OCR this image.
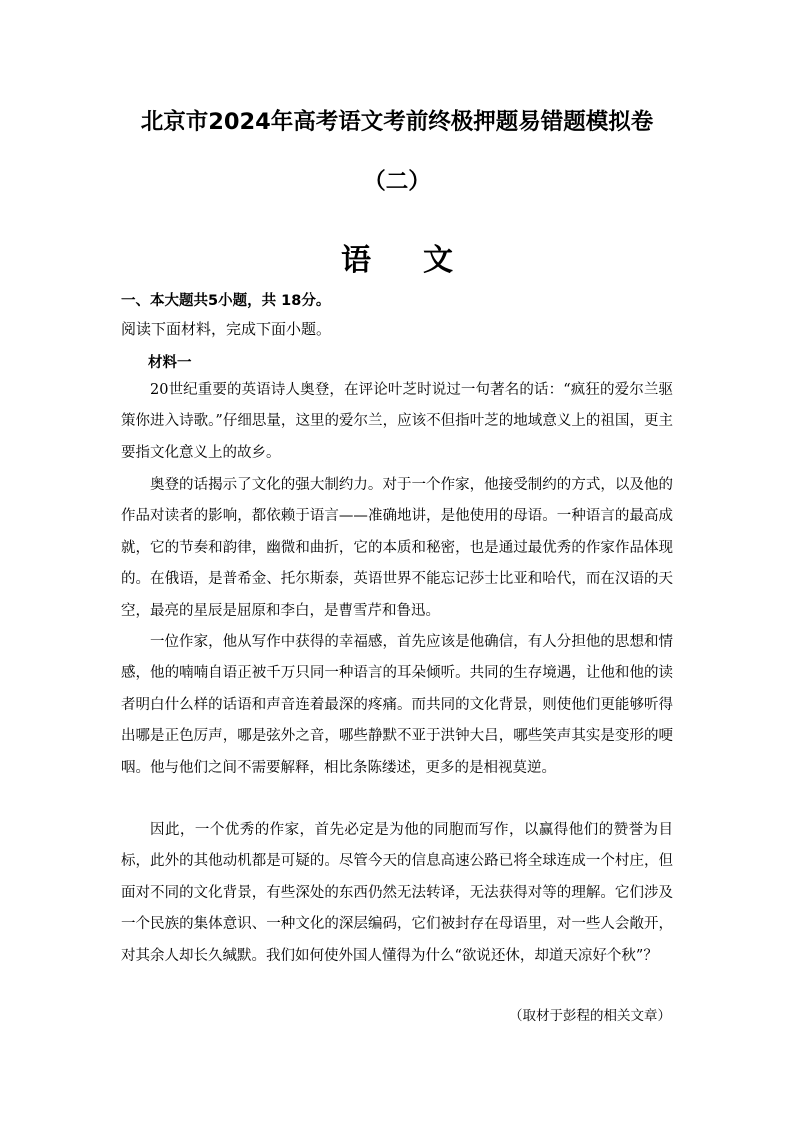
北京市2024年高考语文考前终极押题易错题模拟卷
（二）
语 文
一、本大题共5小题，共 18分。
阅读下面材料，完成下面小题。
材料一

20世纪重要的英语诗人奥登，在评论叶芝时说过一句著名的话：“疯狂的爱尔兰驱策你进入诗歌。”仔细思量，这里的爱尔兰，应该不但指叶芝的地域意义上的祖国，更主要指文化意义上的故乡。

奥登的话揭示了文化的强大制约力。对于一个作家，他接受制约的方式，以及他的作品对读者的影响，都依赖于语言——准确地讲，是他使用的母语。一种语言的最高成就，它的节奏和韵律，幽微和曲折，它的本质和秘密，也是通过最优秀的作家作品体现的。在俄语，是普希金、托尔斯泰，英语世界不能忘记莎士比亚和哈代，而在汉语的天空，最亮的星辰是屈原和李白，是曹雪芹和鲁迅。

一位作家，他从写作中获得的幸福感，首先应该是他确信，有人分担他的思想和情感，他的喃喃自语正被千万只同一种语言的耳朵倾听。共同的生存境遇，让他和他的读者明白什么样的话语和声音连着最深的疼痛。而共同的文化背景，则使他们更能够听得出哪是正色厉声，哪是弦外之音，哪些静默不亚于洪钟大吕，哪些笑声其实是变形的哽咽。他与他们之间不需要解释，相比条陈缕述，更多的是相视莫逆。

因此，一个优秀的作家，首先必定是为他的同胞而写作，以赢得他们的赞誉为目标，此外的其他动机都是可疑的。尽管今天的信息高速公路已将全球连成一个村庄，但面对不同的文化背景，有些深处的东西仍然无法转译，无法获得对等的理解。它们涉及一个民族的集体意识、一种文化的深层编码，它们被封存在母语里，对一些人会敞开，对其余人却长久缄默。我们如何使外国人懂得为什么“欲说还休，却道天凉好个秋”？

（取材于彭程的相关文章）
